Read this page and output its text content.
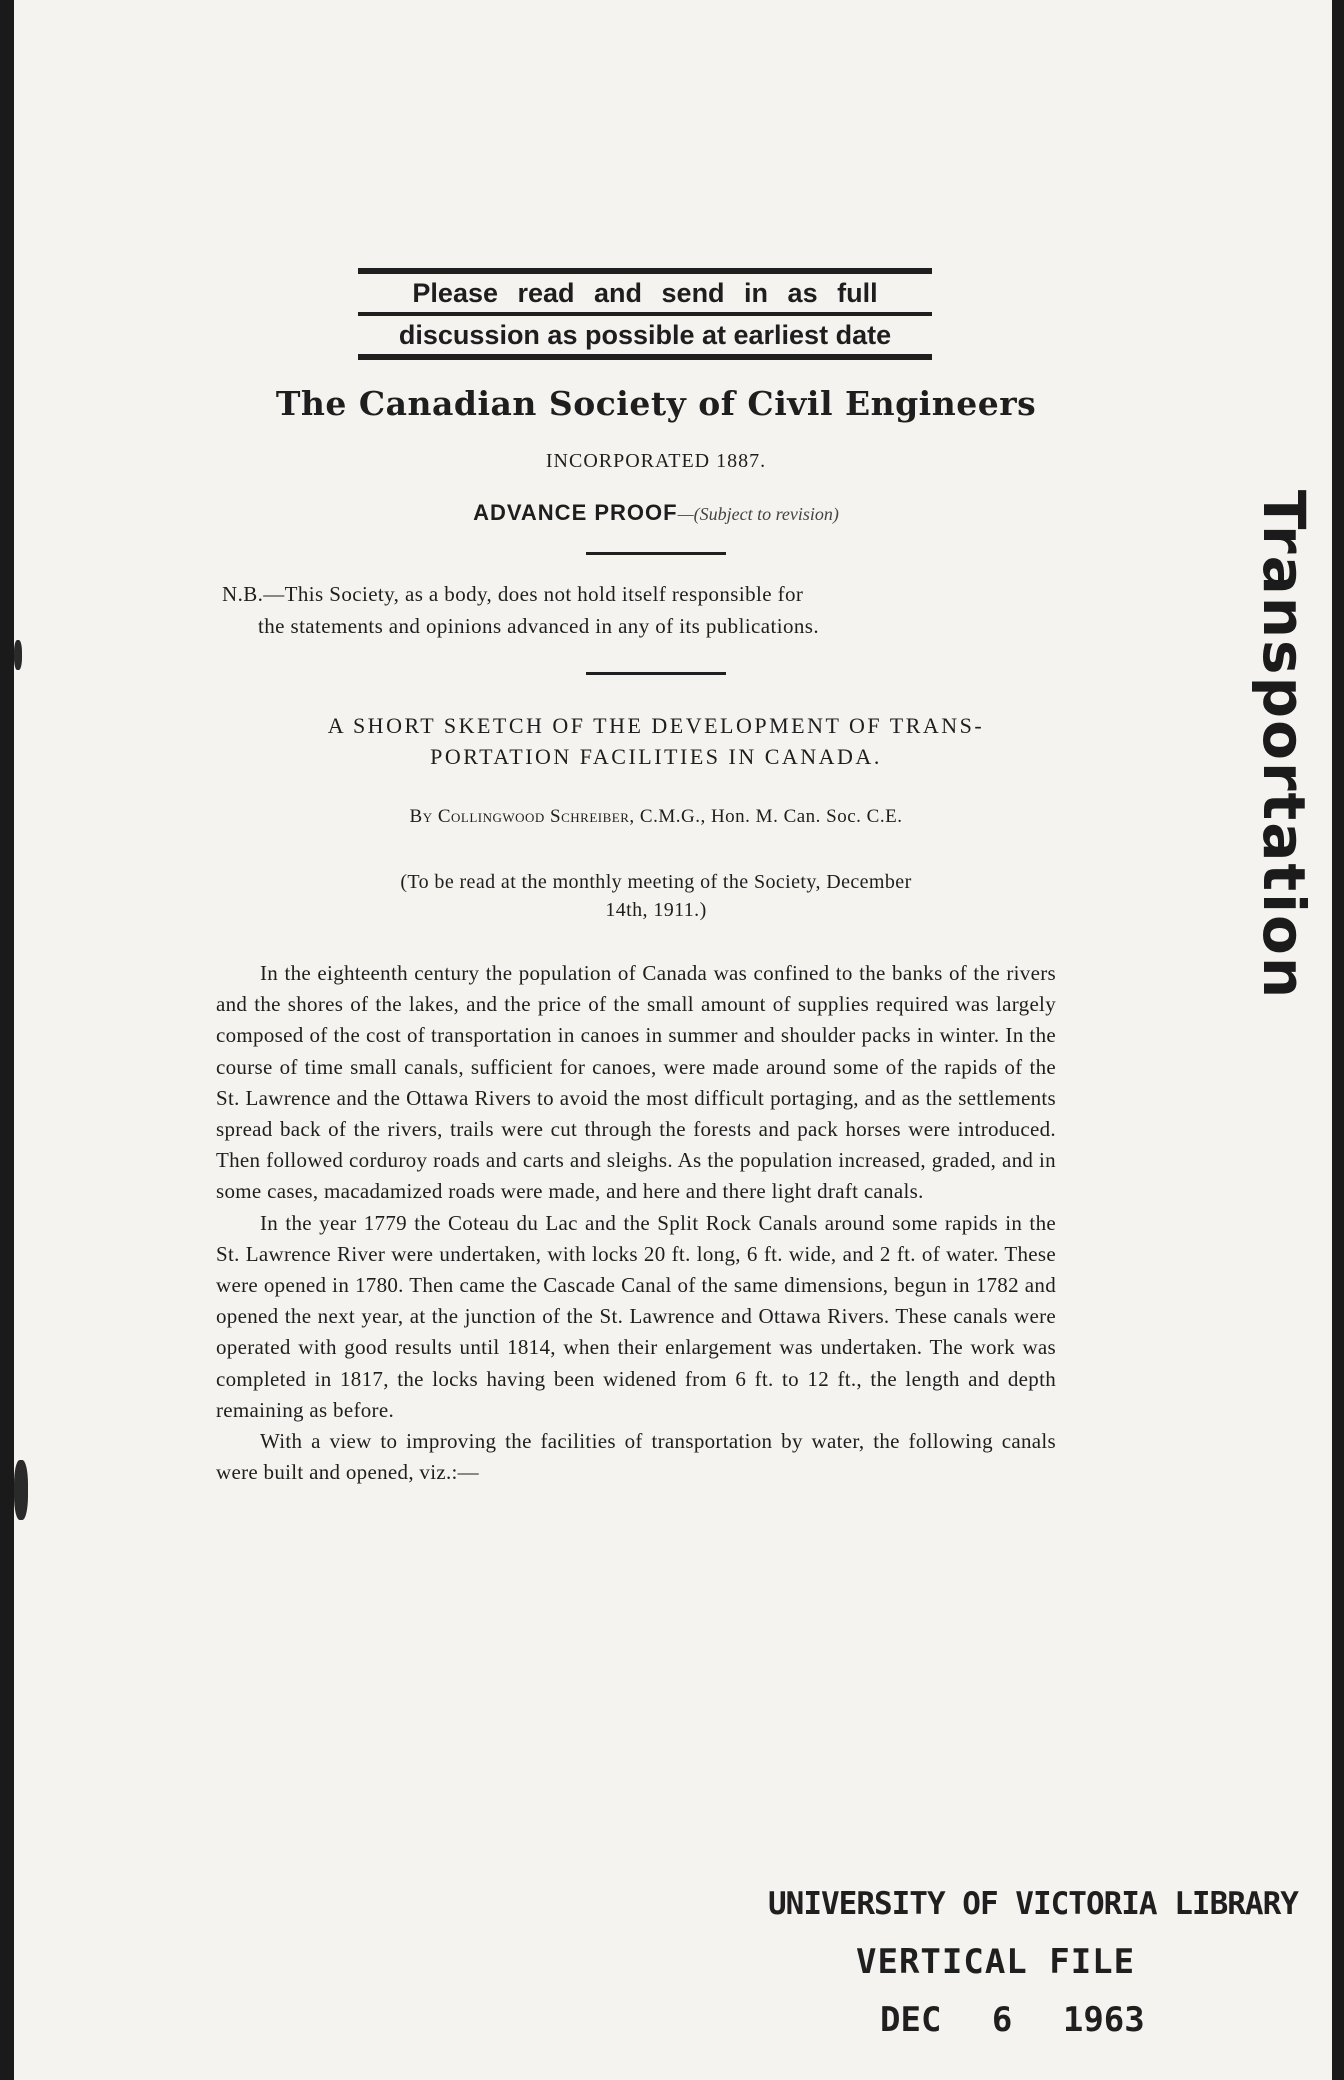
Please read and send in as full
discussion as possible at earliest date
The Canadian Society of Civil Engineers
INCORPORATED 1887.
ADVANCE PROOF—(Subject to revision)
N.B.—This Society, as a body, does not hold itself responsible for
the statements and opinions advanced in any of its publications.
A SHORT SKETCH OF THE DEVELOPMENT OF TRANS-
PORTATION FACILITIES IN CANADA.
By Collingwood Schreiber, C.M.G., Hon. M. Can. Soc. C.E.
(To be read at the monthly meeting of the Society, December
14th, 1911.)

In the eighteenth century the population of Canada was confined to the banks of the rivers and the shores of the lakes, and the price of the small amount of supplies required was largely composed of the cost of transportation in canoes in summer and shoulder packs in winter. In the course of time small canals, sufficient for canoes, were made around some of the rapids of the St. Lawrence and the Ottawa Rivers to avoid the most difficult portaging, and as the settlements spread back of the rivers, trails were cut through the forests and pack horses were introduced. Then followed corduroy roads and carts and sleighs. As the population increased, graded, and in some cases, macadamized roads were made, and here and there light draft canals.

In the year 1779 the Coteau du Lac and the Split Rock Canals around some rapids in the St. Lawrence River were undertaken, with locks 20 ft. long, 6 ft. wide, and 2 ft. of water. These were opened in 1780. Then came the Cascade Canal of the same dimensions, begun in 1782 and opened the next year, at the junction of the St. Lawrence and Ottawa Rivers. These canals were operated with good results until 1814, when their enlargement was undertaken. The work was completed in 1817, the locks having been widened from 6 ft. to 12 ft., the length and depth remaining as before.

With a view to improving the facilities of transportation by water, the following canals were built and opened, viz.:—

Transportation
UNIVERSITY OF VICTORIA LIBRARY
VERTICAL FILE
DEC 6 1963
